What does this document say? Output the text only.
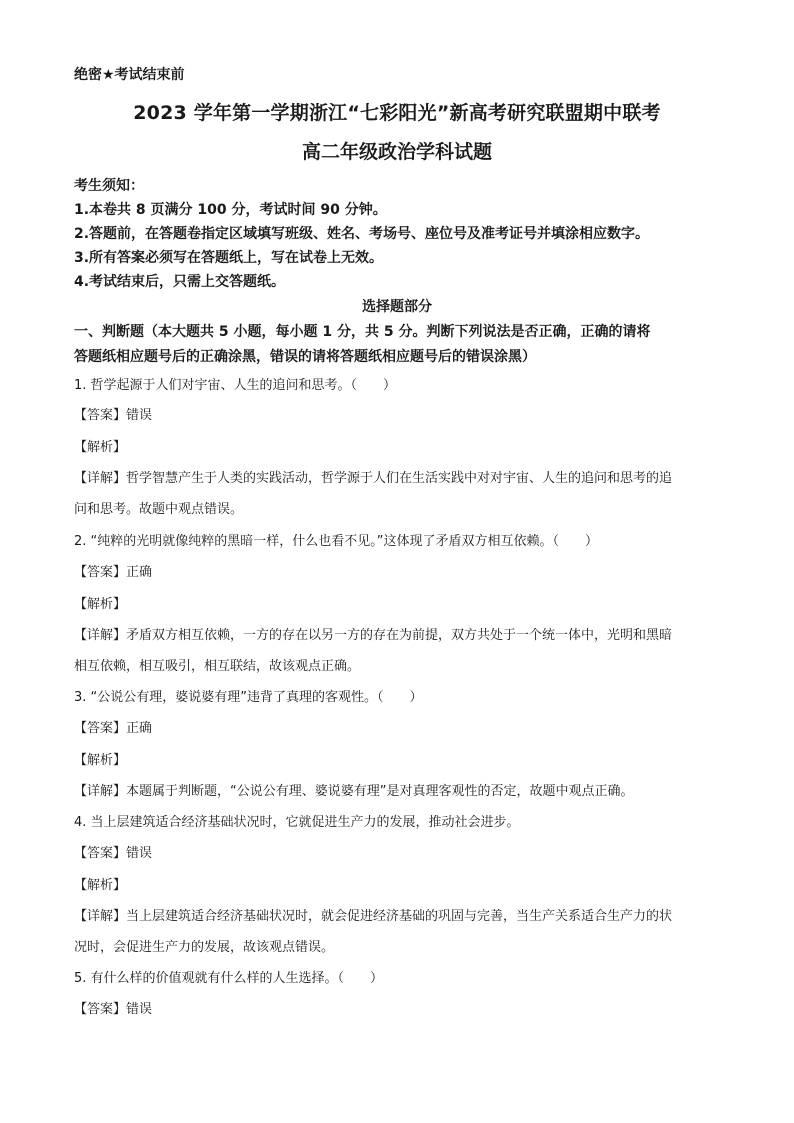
绝密★考试结束前
2023 学年第一学期浙江“七彩阳光”新高考研究联盟期中联考
高二年级政治学科试题
考生须知：
1.本卷共 8 页满分 100 分，考试时间 90 分钟。
2.答题前，在答题卷指定区域填写班级、姓名、考场号、座位号及准考证号并填涂相应数字。
3.所有答案必须写在答题纸上，写在试卷上无效。
4.考试结束后，只需上交答题纸。
选择题部分
一、判断题（本大题共 5 小题，每小题 1 分，共 5 分。判断下列说法是否正确，正确的请将
答题纸相应题号后的正确涂黑，错误的请将答题纸相应题号后的错误涂黑）
1. 哲学起源于人们对宇宙、人生的追问和思考。（　　）
【答案】错误
【解析】
【详解】哲学智慧产生于人类的实践活动，哲学源于人们在生活实践中对对宇宙、人生的追问和思考的追
问和思考。故题中观点错误。
2. “纯粹的光明就像纯粹的黑暗一样，什么也看不见。”这体现了矛盾双方相互依赖。（　　）
【答案】正确
【解析】
【详解】矛盾双方相互依赖，一方的存在以另一方的存在为前提，双方共处于一个统一体中，光明和黑暗
相互依赖，相互吸引，相互联结，故该观点正确。
3. “公说公有理，婆说婆有理”违背了真理的客观性。（　　）
【答案】正确
【解析】
【详解】本题属于判断题，“公说公有理、婆说婆有理”是对真理客观性的否定，故题中观点正确。
4. 当上层建筑适合经济基础状况时，它就促进生产力的发展，推动社会进步。
【答案】错误
【解析】
【详解】当上层建筑适合经济基础状况时，就会促进经济基础的巩固与完善，当生产关系适合生产力的状
况时，会促进生产力的发展，故该观点错误。
5. 有什么样的价值观就有什么样的人生选择。（　　）
【答案】错误
